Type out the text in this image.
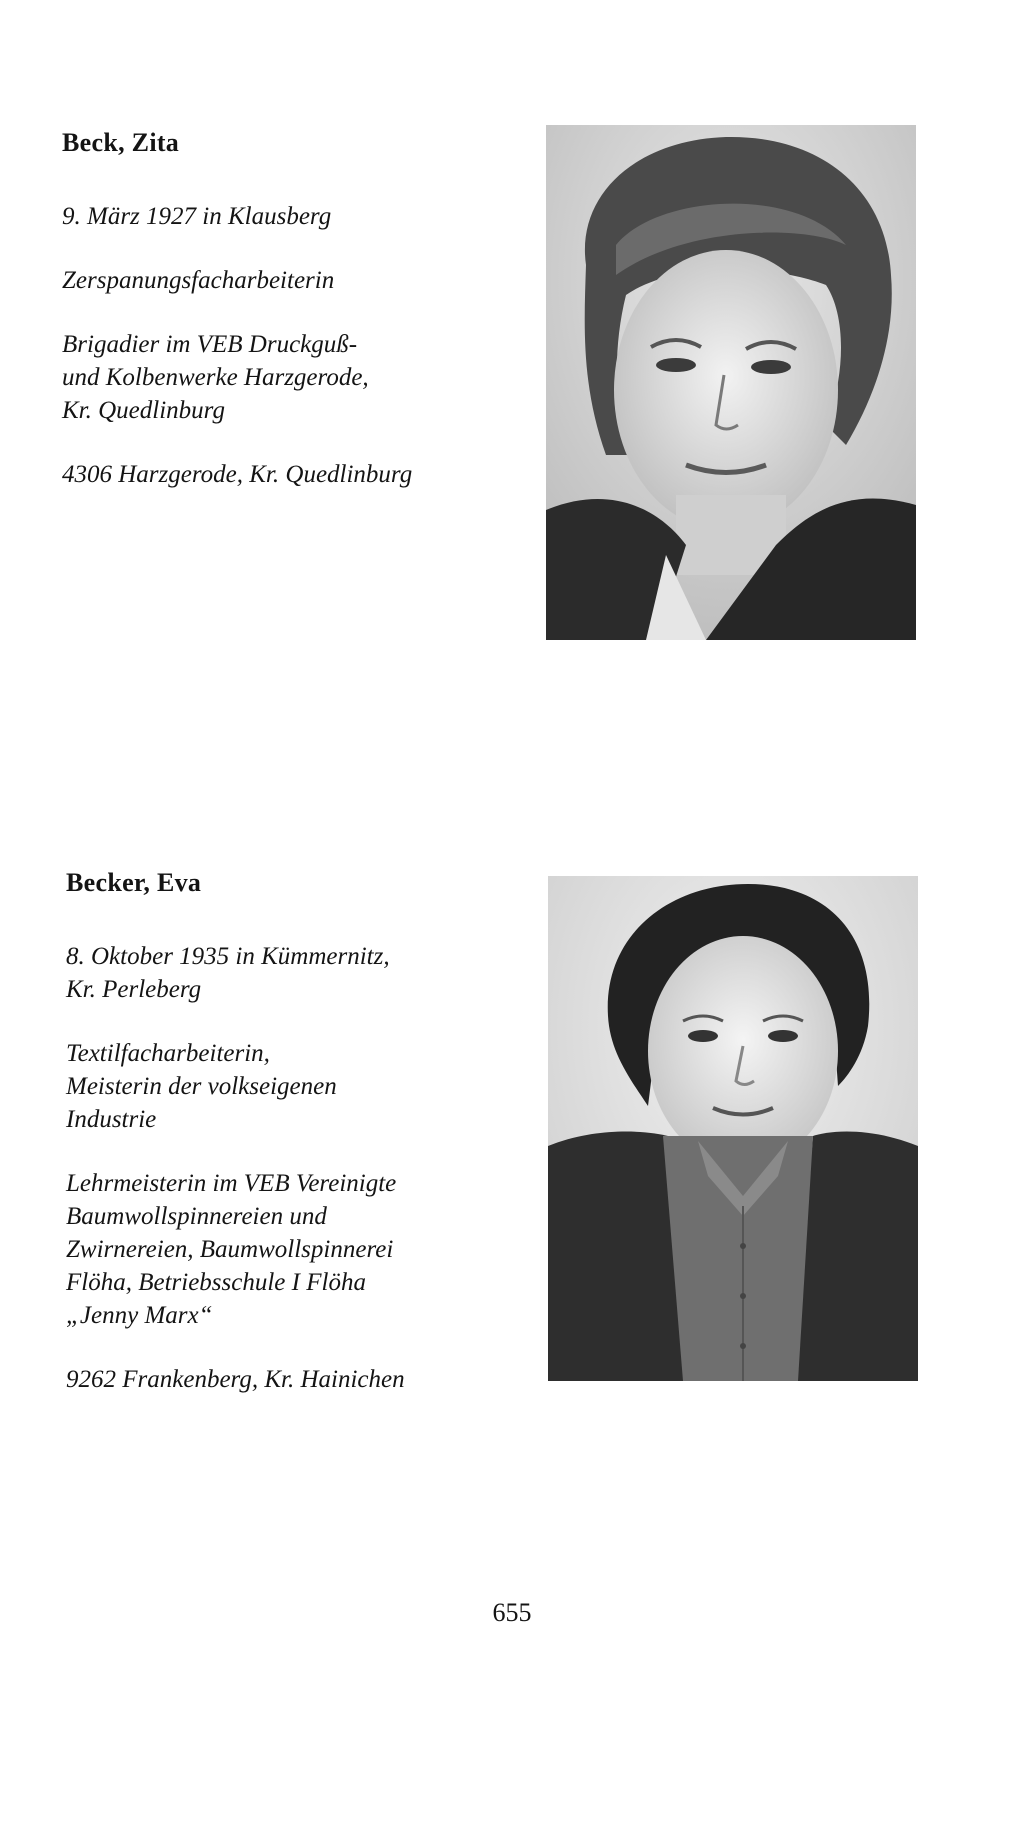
Beck, Zita
9. März 1927 in Klausberg
Zerspanungsfacharbeiterin
Brigadier im VEB Druckguß-
und Kolbenwerke Harzgerode,
Kr. Quedlinburg
4306 Harzgerode, Kr. Quedlinburg
Becker, Eva
8. Oktober 1935 in Kümmernitz,
Kr. Perleberg
Textilfacharbeiterin,
Meisterin der volkseigenen
Industrie
Lehrmeisterin im VEB Vereinigte
Baumwollspinnereien und
Zwirnereien, Baumwollspinnerei
Flöha, Betriebsschule I Flöha
„Jenny Marx“
9262 Frankenberg, Kr. Hainichen
655
